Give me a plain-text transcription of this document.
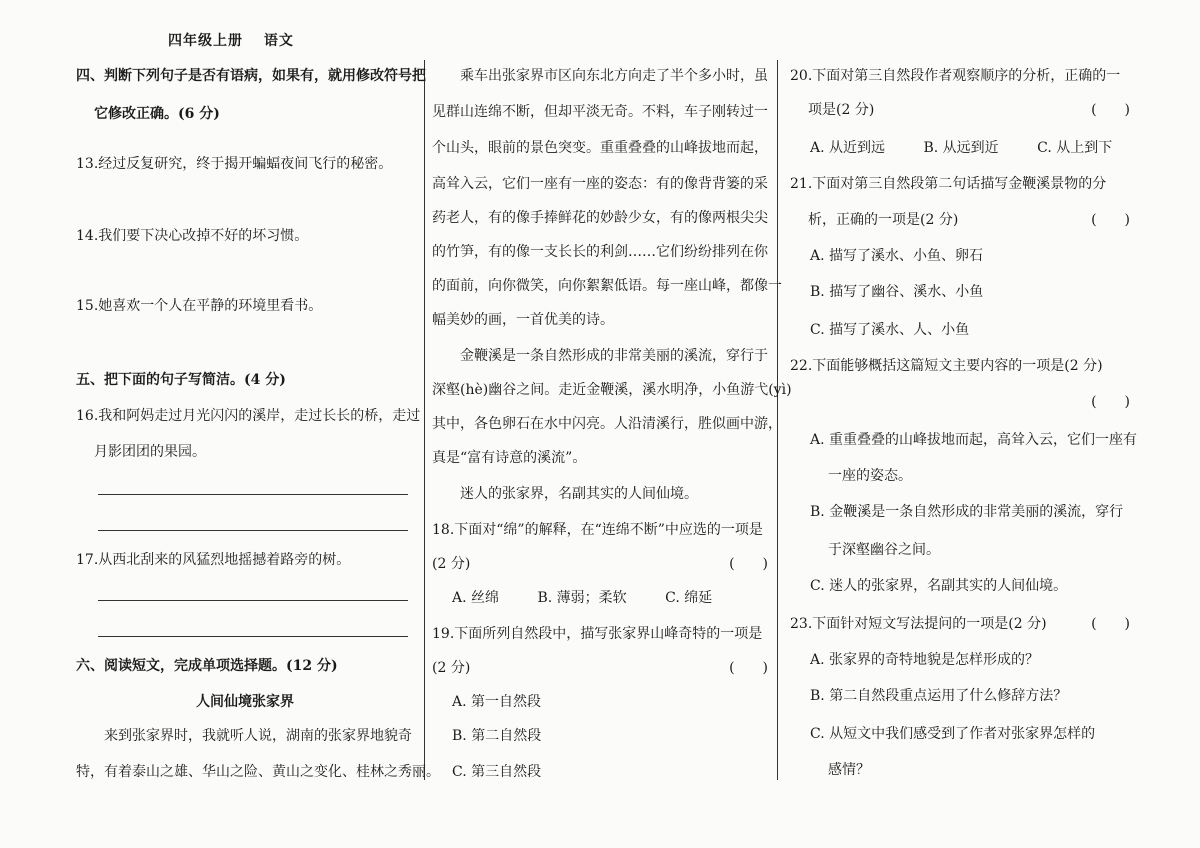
四年级上册　 语文
四、判断下列句子是否有语病，如果有，就用修改符号把
它修改正确。(6 分)
13.经过反复研究，终于揭开蝙蝠夜间飞行的秘密。
14.我们要下决心改掉不好的坏习惯。
15.她喜欢一个人在平静的环境里看书。
五、把下面的句子写简洁。(4 分)
16.我和阿妈走过月光闪闪的溪岸，走过长长的桥，走过
月影团团的果园。
17.从西北刮来的风猛烈地摇撼着路旁的树。
六、阅读短文，完成单项选择题。(12 分)
人间仙境张家界
来到张家界时，我就听人说，湖南的张家界地貌奇
特，有着泰山之雄、华山之险、黄山之变化、桂林之秀丽。
乘车出张家界市区向东北方向走了半个多小时，虽
见群山连绵不断，但却平淡无奇。不料，车子刚转过一
个山头，眼前的景色突变。重重叠叠的山峰拔地而起，
高耸入云，它们一座有一座的姿态：有的像背背篓的采
药老人，有的像手捧鲜花的妙龄少女，有的像两根尖尖
的竹笋，有的像一支长长的利剑……它们纷纷排列在你
的面前，向你微笑，向你絮絮低语。每一座山峰，都像一
幅美妙的画，一首优美的诗。
金鞭溪是一条自然形成的非常美丽的溪流，穿行于
深壑(hè)幽谷之间。走近金鞭溪，溪水明净，小鱼游弋(yì)
其中，各色卵石在水中闪亮。人沿清溪行，胜似画中游，
真是“富有诗意的溪流”。
迷人的张家界，名副其实的人间仙境。
18.下面对“绵”的解释，在“连绵不断”中应选的一项是
(2 分)	(　　)
A. 丝绵	B. 薄弱；柔软	C. 绵延
19.下面所列自然段中，描写张家界山峰奇特的一项是
(2 分)	(　　)
A. 第一自然段
B. 第二自然段
C. 第三自然段
20.下面对第三自然段作者观察顺序的分析，正确的一
项是(2 分)	(　　)
A. 从近到远	B. 从远到近	C. 从上到下
21.下面对第三自然段第二句话描写金鞭溪景物的分
析，正确的一项是(2 分)	(　　)
A. 描写了溪水、小鱼、卵石
B. 描写了幽谷、溪水、小鱼
C. 描写了溪水、人、小鱼
22.下面能够概括这篇短文主要内容的一项是(2 分)
(　　)
A. 重重叠叠的山峰拔地而起，高耸入云，它们一座有
一座的姿态。
B. 金鞭溪是一条自然形成的非常美丽的溪流，穿行
于深壑幽谷之间。
C. 迷人的张家界，名副其实的人间仙境。
23.下面针对短文写法提问的一项是(2 分)	(　　)
A. 张家界的奇特地貌是怎样形成的？
B. 第二自然段重点运用了什么修辞方法？
C. 从短文中我们感受到了作者对张家界怎样的
感情？
